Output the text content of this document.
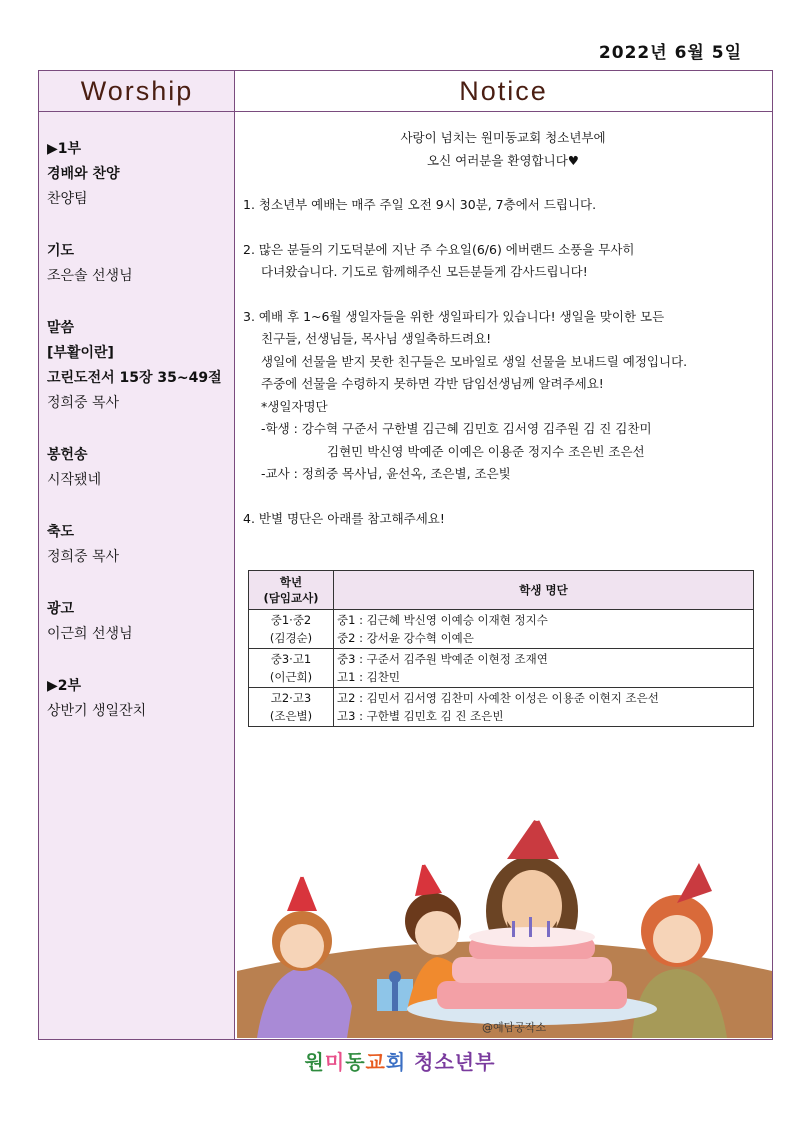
2022년 6월 5일
Worship	Notice
▶1부
경배와 찬양
찬양팀
기도
조은솔 선생님
말씀
[부활이란]
고린도전서 15장 35~49절
정희중 목사
봉헌송
시작됐네
축도
정희중 목사
광고
이근희 선생님
▶2부
상반기 생일잔치

사랑이 넘치는 원미동교회 청소년부에

오신 여러분을 환영합니다♥

1. 청소년부 예배는 매주 주일 오전 9시 30분, 7층에서 드립니다.

2. 많은 분들의 기도덕분에 지난 주 수요일(6/6) 에버랜드 소풍을 무사히

다녀왔습니다. 기도로 함께해주신 모든분들게 감사드립니다!

3. 예배 후 1~6월 생일자들을 위한 생일파티가 있습니다! 생일을 맞이한 모든

친구들, 선생님들, 목사님 생일축하드려요!

생일에 선물을 받지 못한 친구들은 모바일로 생일 선물을 보내드릴 예정입니다.

주중에 선물을 수령하지 못하면 각반 담임선생님께 알려주세요!

*생일자명단

-학생 : 강수혁 구준서 구한별 김근혜 김민호 김서영 김주원 김 진 김찬미

김현민 박신영 박예준 이예은 이용준 정지수 조은빈 조은선

-교사 : 정희중 목사님, 윤선옥, 조은별, 조은빛

4. 반별 명단은 아래를 참고해주세요!

학년
(담임교사)	학생 명단
중1·중2
(김경순)	중1 : 김근혜 박신영 이예승 이재현 정지수
중2 : 강서윤 강수혁 이예은
중3·고1
(이근희)	중3 : 구준서 김주원 박예준 이현정 조재연
고1 : 김찬민
고2·고3
(조은별)	고2 : 김민서 김서영 김찬미 사예찬 이성은 이용준 이현지 조은선
고3 : 구한별 김민호 김 진 조은빈
@예담공작소
원미동교회 청소년부
